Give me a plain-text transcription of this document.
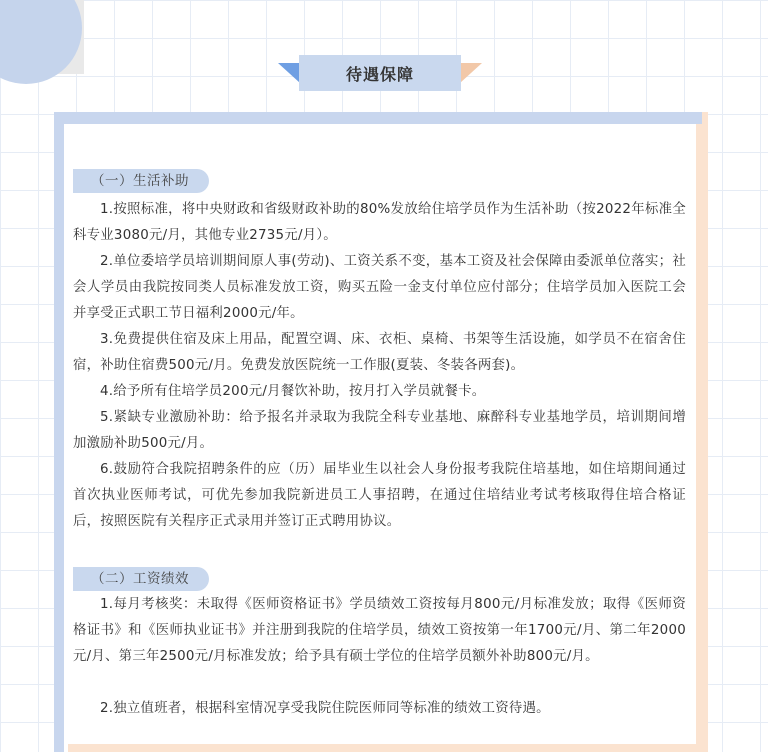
待遇保障
（一）生活补助

1.按照标准，将中央财政和省级财政补助的80%发放给住培学员作为生活补助（按2022年标准全科专业3080元/月，其他专业2735元/月）。

2.单位委培学员培训期间原人事(劳动)、工资关系不变，基本工资及社会保障由委派单位落实；社会人学员由我院按同类人员标准发放工资，购买五险一金支付单位应付部分；住培学员加入医院工会并享受正式职工节日福利2000元/年。

3.免费提供住宿及床上用品，配置空调、床、衣柜、桌椅、书架等生活设施，如学员不在宿舍住宿，补助住宿费500元/月。免费发放医院统一工作服(夏装、冬装各两套)。

4.给予所有住培学员200元/月餐饮补助，按月打入学员就餐卡。

5.紧缺专业激励补助：给予报名并录取为我院全科专业基地、麻醉科专业基地学员，培训期间增加激励补助500元/月。

6.鼓励符合我院招聘条件的应（历）届毕业生以社会人身份报考我院住培基地，如住培期间通过首次执业医师考试，可优先参加我院新进员工人事招聘，在通过住培结业考试考核取得住培合格证后，按照医院有关程序正式录用并签订正式聘用协议。

（二）工资绩效

1.每月考核奖：未取得《医师资格证书》学员绩效工资按每月800元/月标准发放；取得《医师资格证书》和《医师执业证书》并注册到我院的住培学员，绩效工资按第一年1700元/月、第二年2000元/月、第三年2500元/月标准发放；给予具有硕士学位的住培学员额外补助800元/月。

2.独立值班者，根据科室情况享受我院住院医师同等标准的绩效工资待遇。
